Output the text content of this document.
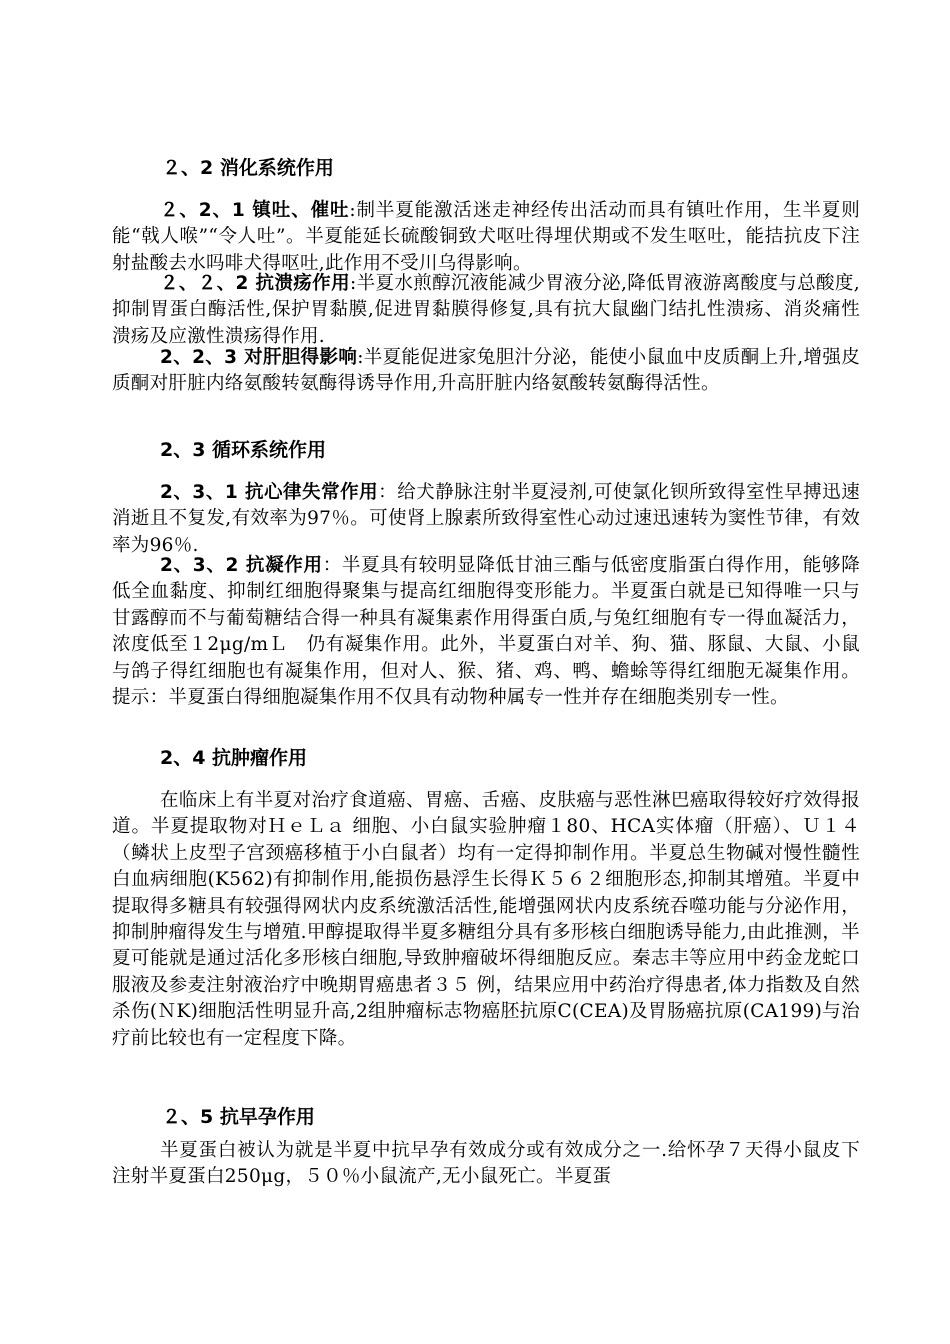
２、2 消化系统作用
２、2、1 镇吐、催吐:制半夏能激活迷走神经传出活动而具有镇吐作用，生半夏则能“戟人喉”“令人吐”。半夏能延长硫酸铜致犬呕吐得埋伏期或不发生呕吐，能拮抗皮下注射盐酸去水吗啡犬得呕吐,此作用不受川乌得影响。
２、２、2 抗溃疡作用:半夏水煎醇沉液能减少胃液分泌,降低胃液游离酸度与总酸度,抑制胃蛋白酶活性,保护胃黏膜,促进胃黏膜得修复,具有抗大鼠幽门结扎性溃疡、消炎痛性溃疡及应激性溃疡得作用.
2、2、3 对肝胆得影响:半夏能促进家兔胆汁分泌，能使小鼠血中皮质酮上升,增强皮质酮对肝脏内络氨酸转氨酶得诱导作用,升高肝脏内络氨酸转氨酶得活性。
2、3 循环系统作用
2、3、1 抗心律失常作用：给犬静脉注射半夏浸剂,可使氯化钡所致得室性早搏迅速消逝且不复发,有效率为97％。可使肾上腺素所致得室性心动过速迅速转为窦性节律，有效率为96％.
2、3、2 抗凝作用：半夏具有较明显降低甘油三酯与低密度脂蛋白得作用，能够降低全血黏度、抑制红细胞得聚集与提高红细胞得变形能力。半夏蛋白就是已知得唯一只与甘露醇而不与葡萄糖结合得一种具有凝集素作用得蛋白质,与兔红细胞有专一得血凝活力，浓度低至１2μg/mＬ　仍有凝集作用。此外，半夏蛋白对羊、狗、猫、豚鼠、大鼠、小鼠与鸽子得红细胞也有凝集作用，但对人、猴、猪、鸡、鸭、蟾蜍等得红细胞无凝集作用。提示：半夏蛋白得细胞凝集作用不仅具有动物种属专一性并存在细胞类别专一性。
2、4 抗肿瘤作用
在临床上有半夏对治疗食道癌、胃癌、舌癌、皮肤癌与恶性淋巴癌取得较好疗效得报道。半夏提取物对ＨｅＬａ 细胞、小白鼠实验肿瘤１80、HCA实体瘤（肝癌）、Ｕ１４（鳞状上皮型子宫颈癌移植于小白鼠者）均有一定得抑制作用。半夏总生物碱对慢性髓性白血病细胞(K562)有抑制作用,能损伤悬浮生长得Ｋ５６２细胞形态,抑制其增殖。半夏中提取得多糖具有较强得网状内皮系统激活活性,能增强网状内皮系统吞噬功能与分泌作用，抑制肿瘤得发生与增殖.甲醇提取得半夏多糖组分具有多形核白细胞诱导能力,由此推测，半夏可能就是通过活化多形核白细胞,导致肿瘤破坏得细胞反应。秦志丰等应用中药金龙蛇口服液及参麦注射液治疗中晚期胃癌患者３５ 例，结果应用中药治疗得患者,体力指数及自然杀伤(ＮK)细胞活性明显升高,2组肿瘤标志物癌胚抗原C(CEA)及胃肠癌抗原(CA199)与治疗前比较也有一定程度下降。
２、5 抗早孕作用
半夏蛋白被认为就是半夏中抗早孕有效成分或有效成分之一.给怀孕７天得小鼠皮下注射半夏蛋白250μg，５０％小鼠流产,无小鼠死亡。半夏蛋
